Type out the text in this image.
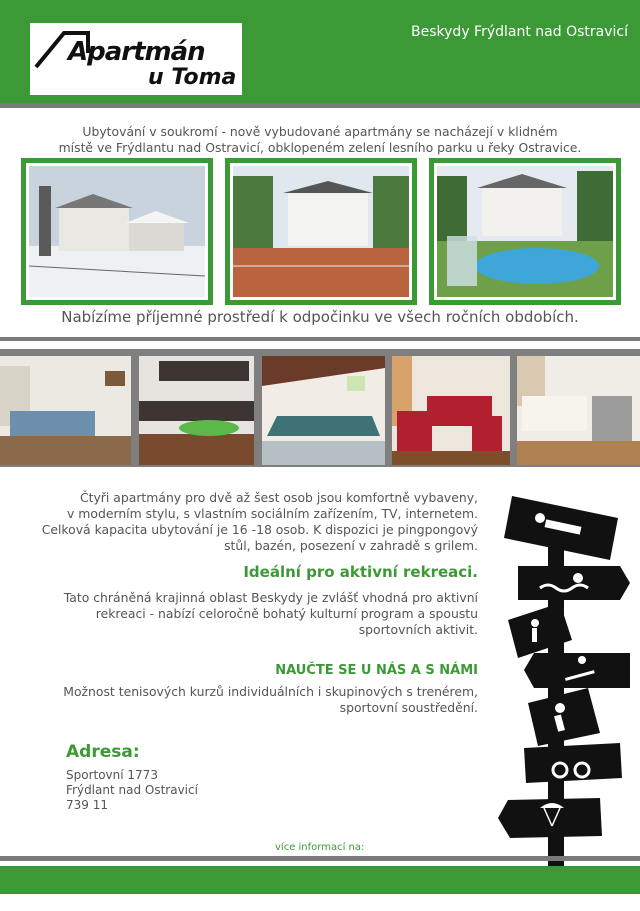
Apartmán
u Toma
Beskydy Frýdlant nad Ostravicí
Ubytování v soukromí - nově vybudované apartmány se nacházejí v klidném
místě ve Frýdlantu nad Ostravicí, obklopeném zelení lesního parku u řeky Ostravice.
Nabízíme příjemné prostředí k odpočinku ve všech ročních obdobích.
Čtyři apartmány pro dvě až šest osob jsou komfortně vybaveny,
v moderním stylu, s vlastním sociálním zařízením, TV, internetem.
Celková kapacita ubytování je 16 -18 osob. K dispozici je pingpongový
stůl, bazén, posezení v zahradě s grilem.
Ideální pro aktivní rekreaci.
Tato chráněná krajinná oblast Beskydy je zvlášť vhodná pro aktivní
rekreaci - nabízí celoročně bohatý kulturní program a spoustu
sportovních aktivit.
NAUČTE SE U NÁS A S NÁMI
Možnost tenisových kurzů individuálních i skupinových s trenérem,
sportovní soustředění.
Adresa:
Sportovní 1773
Frýdlant nad Ostravicí
739 11
více informací na:
